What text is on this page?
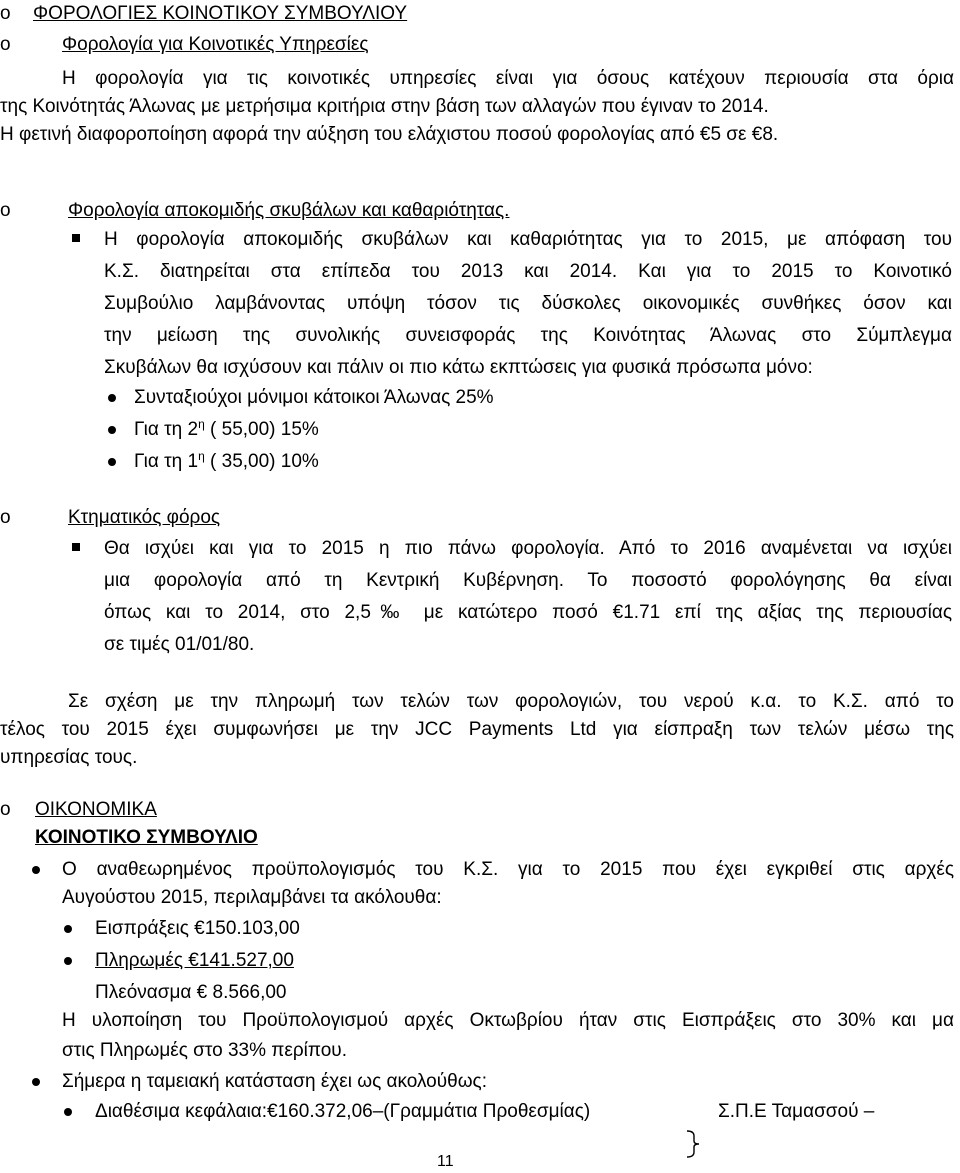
o ΦΟΡΟΛΟΓΙΕΣ ΚΟΙΝΟΤΙΚΟΥ ΣΥΜΒΟΥΛΙΟΥ
o	Φορολογία για Κοινοτικές Υπηρεσίες
Η φορολογία για τις κοινοτικές υπηρεσίες είναι για όσους κατέχουν περιουσία στα όρια
της Κοινότητάς Άλωνας με μετρήσιμα κριτήρια στην βάση των αλλαγών που έγιναν το 2014.
Η φετινή διαφοροποίηση αφορά την αύξηση του ελάχιστου ποσού φορολογίας από €5 σε €8.
o	Φορολογία αποκομιδής σκυβάλων και καθαριότητας.
Η φορολογία αποκομιδής σκυβάλων και καθαριότητας για το 2015, με απόφαση του
Κ.Σ. διατηρείται στα επίπεδα του 2013 και 2014. Και για το 2015 το Κοινοτικό
Συμβούλιο λαμβάνοντας υπόψη τόσον τις δύσκολες οικονομικές συνθήκες όσον και
την μείωση της συνολικής συνεισφοράς της Κοινότητας Άλωνας στο Σύμπλεγμα
Σκυβάλων θα ισχύσουν και πάλιν οι πιο κάτω εκπτώσεις για φυσικά πρόσωπα μόνο:
Συνταξιούχοι μόνιμοι κάτοικοι Άλωνας 25%
Για τη $2^\eta$ ( 55,00) 15%
Για τη $1^\eta$ ( 35,00) 10%
o	Κτηματικός φόρος
Θα ισχύει και για το 2015 η πιο πάνω φορολογία. Από το 2016 αναμένεται να ισχύει
μια φορολογία από τη Κεντρική Κυβέρνηση. Το ποσοστό φορολόγησης θα είναι
όπως και το 2014, στο 2,5‰ με κατώτερο ποσό €1.71 επί της αξίας της περιουσίας
σε τιμές 01/01/80.
Σε σχέση με την πληρωμή των τελών των φορολογιών, του νερού κ.α. το Κ.Σ. από το
τέλος του 2015 έχει συμφωνήσει με την JCC Payments Ltd για είσπραξη των τελών μέσω της
υπηρεσίας τους.
o ΟΙΚΟΝΟΜΙΚΑ
ΚΟΙΝΟΤΙΚΟ ΣΥΜΒΟΥΛΙΟ
Ο αναθεωρημένος προϋπολογισμός του Κ.Σ. για το 2015 που έχει εγκριθεί στις αρχές
Αυγούστου 2015, περιλαμβάνει τα ακόλουθα:
Εισπράξεις €150.103,00
Πληρωμές €141.527,00
Πλεόνασμα € 8.566,00
Η υλοποίηση του Προϋπολογισμού αρχές Οκτωβρίου ήταν στις Εισπράξεις στο 30% και μα
στις Πληρωμές στο 33% περίπου.
Σήμερα η ταμειακή κατάσταση έχει ως ακολούθως:
Διαθέσιμα κεφάλαια:€160.372,06–(Γραμμάτια Προθεσμίας)	Σ.Π.Ε Ταμασσού –
11
